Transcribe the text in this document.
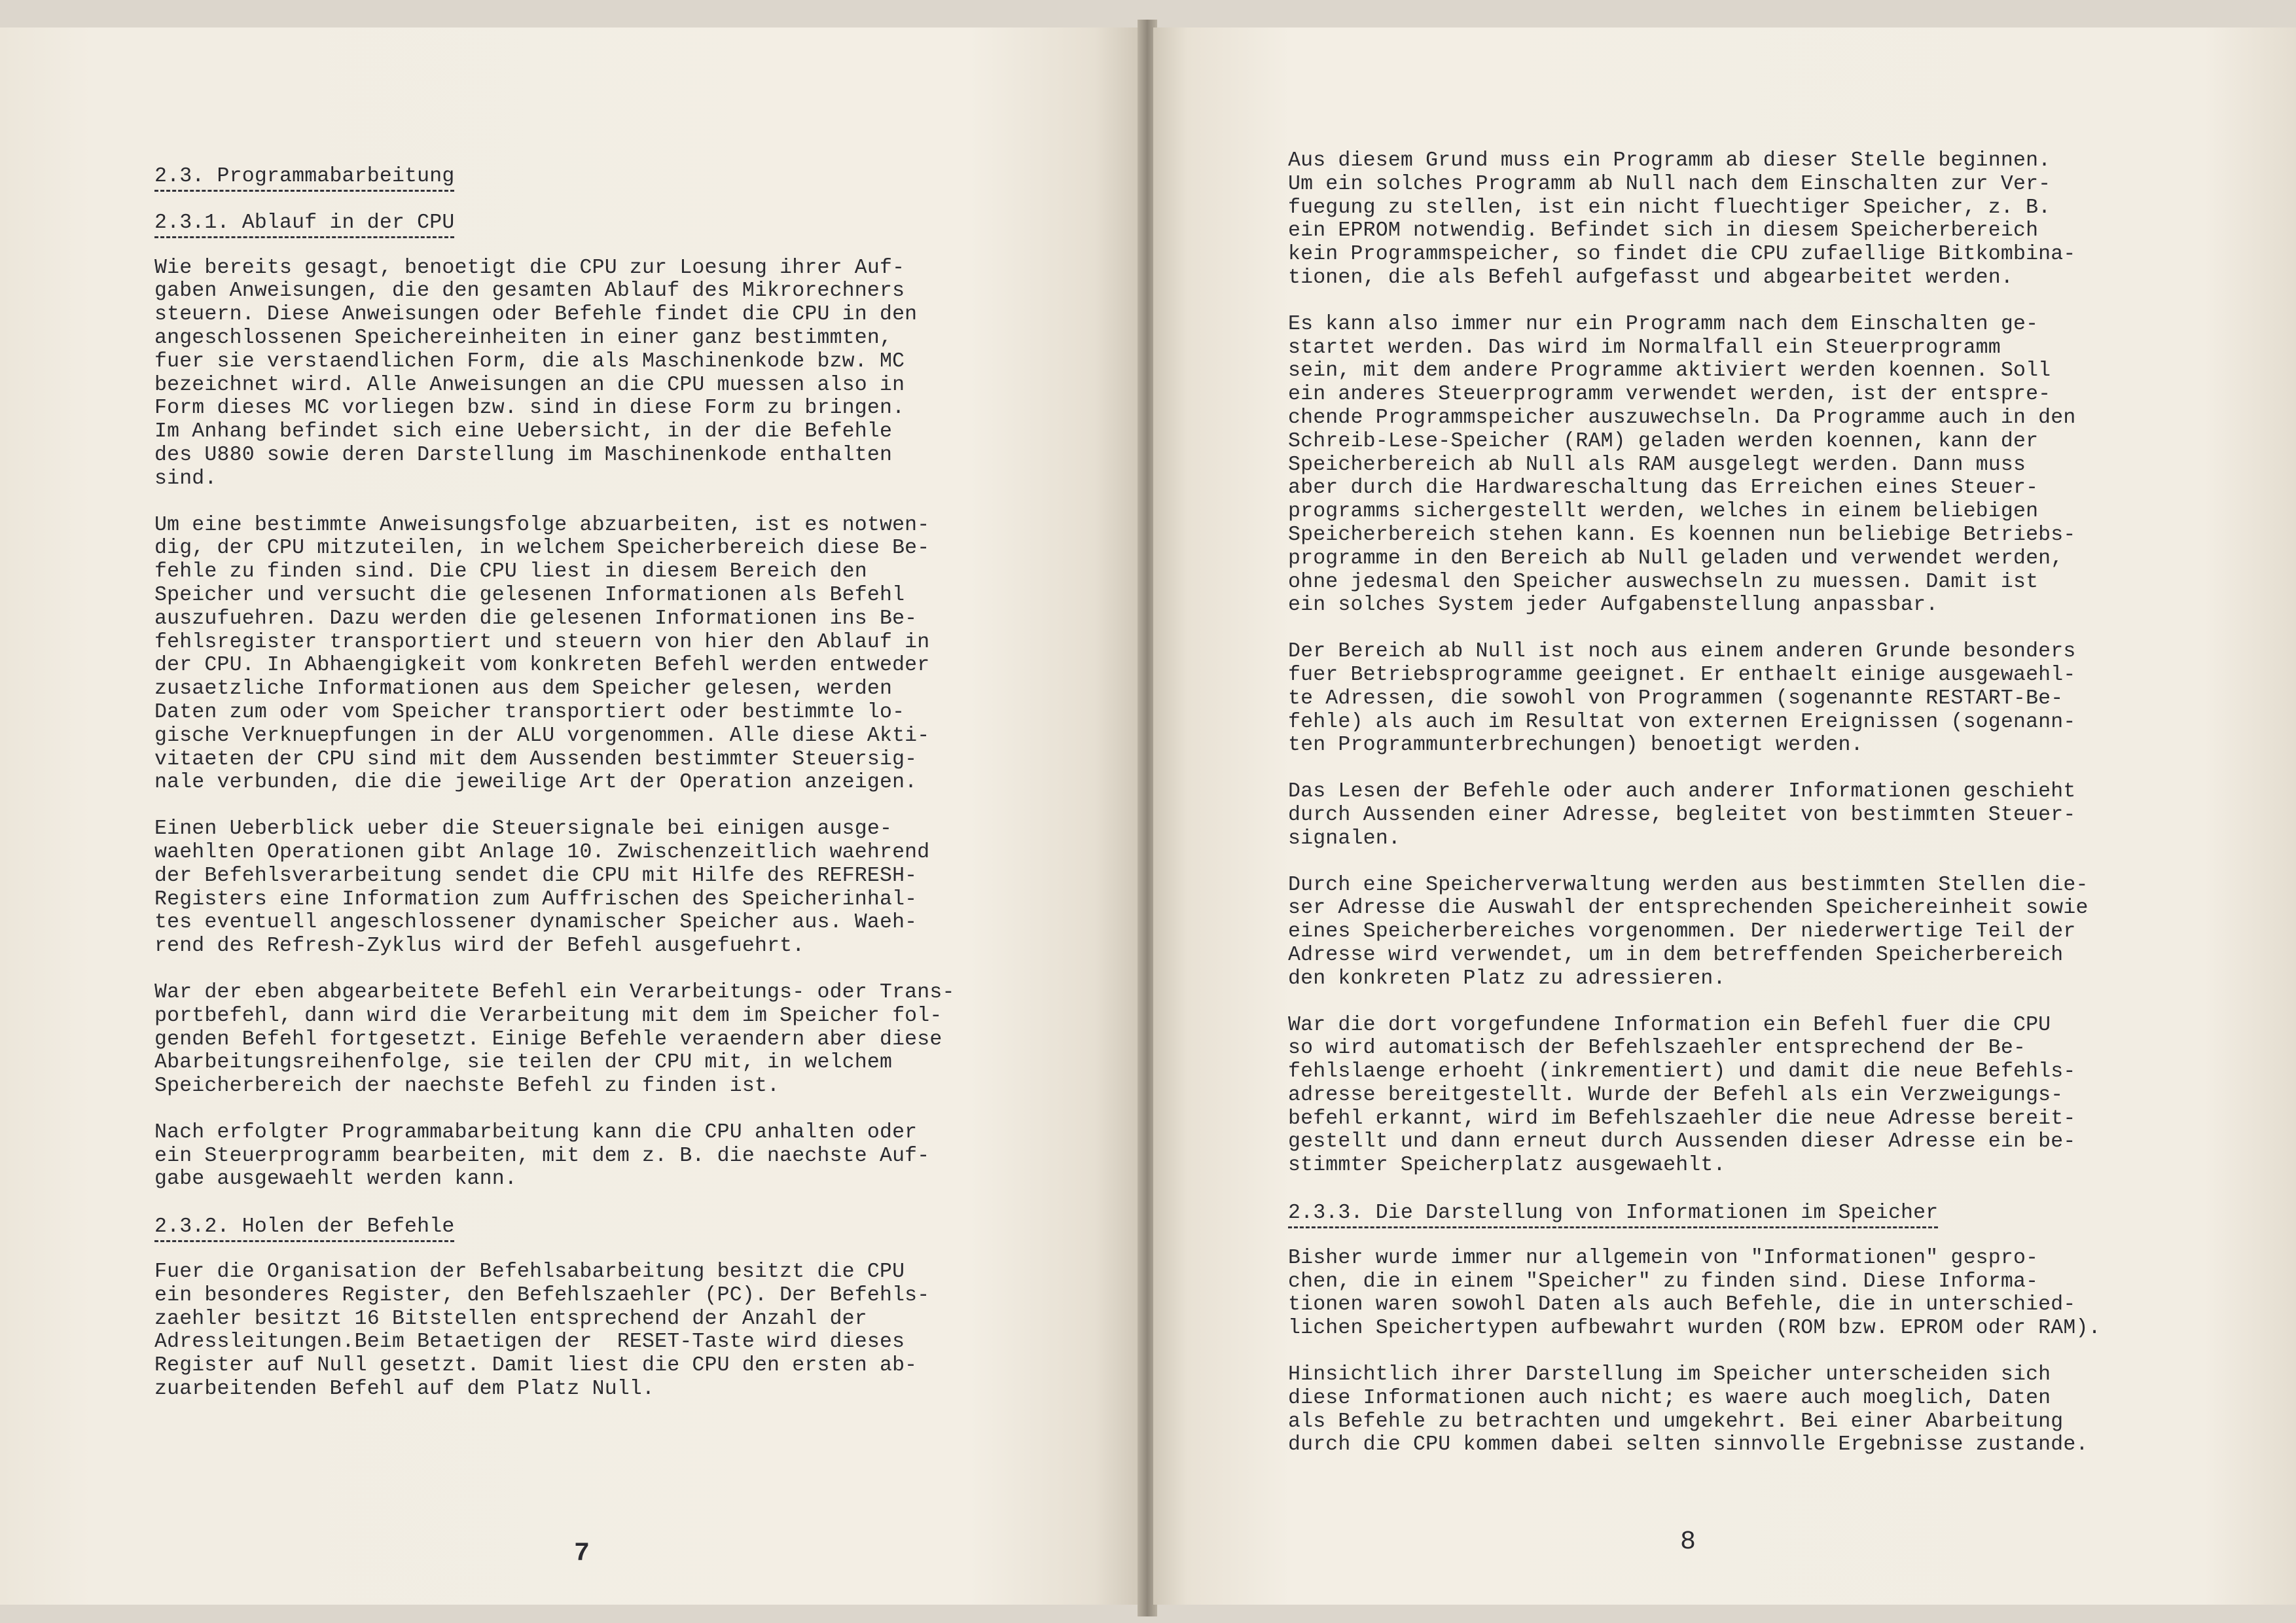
2.3. Programmabarbeitung
2.3.1. Ablauf in der CPU

Wie bereits gesagt, benoetigt die CPU zur Loesung ihrer Auf-
gaben Anweisungen, die den gesamten Ablauf des Mikrorechners
steuern. Diese Anweisungen oder Befehle findet die CPU in den
angeschlossenen Speichereinheiten in einer ganz bestimmten,
fuer sie verstaendlichen Form, die als Maschinenkode bzw. MC
bezeichnet wird. Alle Anweisungen an die CPU muessen also in
Form dieses MC vorliegen bzw. sind in diese Form zu bringen.
Im Anhang befindet sich eine Uebersicht, in der die Befehle
des U880 sowie deren Darstellung im Maschinenkode enthalten
sind.
Um eine bestimmte Anweisungsfolge abzuarbeiten, ist es notwen-
dig, der CPU mitzuteilen, in welchem Speicherbereich diese Be-
fehle zu finden sind. Die CPU liest in diesem Bereich den
Speicher und versucht die gelesenen Informationen als Befehl
auszufuehren. Dazu werden die gelesenen Informationen ins Be-
fehlsregister transportiert und steuern von hier den Ablauf in
der CPU. In Abhaengigkeit vom konkreten Befehl werden entweder
zusaetzliche Informationen aus dem Speicher gelesen, werden
Daten zum oder vom Speicher transportiert oder bestimmte lo-
gische Verknuepfungen in der ALU vorgenommen. Alle diese Akti-
vitaeten der CPU sind mit dem Aussenden bestimmter Steuersig-
nale verbunden, die die jeweilige Art der Operation anzeigen.
Einen Ueberblick ueber die Steuersignale bei einigen ausge-
waehlten Operationen gibt Anlage 10. Zwischenzeitlich waehrend
der Befehlsverarbeitung sendet die CPU mit Hilfe des REFRESH-
Registers eine Information zum Auffrischen des Speicherinhal-
tes eventuell angeschlossener dynamischer Speicher aus. Waeh-
rend des Refresh-Zyklus wird der Befehl ausgefuehrt.
War der eben abgearbeitete Befehl ein Verarbeitungs- oder Trans-
portbefehl, dann wird die Verarbeitung mit dem im Speicher fol-
genden Befehl fortgesetzt. Einige Befehle veraendern aber diese
Abarbeitungsreihenfolge, sie teilen der CPU mit, in welchem
Speicherbereich der naechste Befehl zu finden ist.
Nach erfolgter Programmabarbeitung kann die CPU anhalten oder
ein Steuerprogramm bearbeiten, mit dem z. B. die naechste Auf-
gabe ausgewaehlt werden kann.
2.3.2. Holen der Befehle

Fuer die Organisation der Befehlsabarbeitung besitzt die CPU
ein besonderes Register, den Befehlszaehler (PC). Der Befehls-
zaehler besitzt 16 Bitstellen entsprechend der Anzahl der
Adressleitungen.Beim Betaetigen der  RESET-Taste wird dieses
Register auf Null gesetzt. Damit liest die CPU den ersten ab-
zuarbeitenden Befehl auf dem Platz Null.
7
Aus diesem Grund muss ein Programm ab dieser Stelle beginnen.
Um ein solches Programm ab Null nach dem Einschalten zur Ver-
fuegung zu stellen, ist ein nicht fluechtiger Speicher, z. B.
ein EPROM notwendig. Befindet sich in diesem Speicherbereich
kein Programmspeicher, so findet die CPU zufaellige Bitkombina-
tionen, die als Befehl aufgefasst und abgearbeitet werden.
Es kann also immer nur ein Programm nach dem Einschalten ge-
startet werden. Das wird im Normalfall ein Steuerprogramm
sein, mit dem andere Programme aktiviert werden koennen. Soll
ein anderes Steuerprogramm verwendet werden, ist der entspre-
chende Programmspeicher auszuwechseln. Da Programme auch in den
Schreib-Lese-Speicher (RAM) geladen werden koennen, kann der
Speicherbereich ab Null als RAM ausgelegt werden. Dann muss
aber durch die Hardwareschaltung das Erreichen eines Steuer-
programms sichergestellt werden, welches in einem beliebigen
Speicherbereich stehen kann. Es koennen nun beliebige Betriebs-
programme in den Bereich ab Null geladen und verwendet werden,
ohne jedesmal den Speicher auswechseln zu muessen. Damit ist
ein solches System jeder Aufgabenstellung anpassbar.
Der Bereich ab Null ist noch aus einem anderen Grunde besonders
fuer Betriebsprogramme geeignet. Er enthaelt einige ausgewaehl-
te Adressen, die sowohl von Programmen (sogenannte RESTART-Be-
fehle) als auch im Resultat von externen Ereignissen (sogenann-
ten Programmunterbrechungen) benoetigt werden.
Das Lesen der Befehle oder auch anderer Informationen geschieht
durch Aussenden einer Adresse, begleitet von bestimmten Steuer-
signalen.
Durch eine Speicherverwaltung werden aus bestimmten Stellen die-
ser Adresse die Auswahl der entsprechenden Speichereinheit sowie
eines Speicherbereiches vorgenommen. Der niederwertige Teil der
Adresse wird verwendet, um in dem betreffenden Speicherbereich
den konkreten Platz zu adressieren.
War die dort vorgefundene Information ein Befehl fuer die CPU
so wird automatisch der Befehlszaehler entsprechend der Be-
fehlslaenge erhoeht (inkrementiert) und damit die neue Befehls-
adresse bereitgestellt. Wurde der Befehl als ein Verzweigungs-
befehl erkannt, wird im Befehlszaehler die neue Adresse bereit-
gestellt und dann erneut durch Aussenden dieser Adresse ein be-
stimmter Speicherplatz ausgewaehlt.
2.3.3. Die Darstellung von Informationen im Speicher

Bisher wurde immer nur allgemein von "Informationen" gespro-
chen, die in einem "Speicher" zu finden sind. Diese Informa-
tionen waren sowohl Daten als auch Befehle, die in unterschied-
lichen Speichertypen aufbewahrt wurden (ROM bzw. EPROM oder RAM).
Hinsichtlich ihrer Darstellung im Speicher unterscheiden sich
diese Informationen auch nicht; es waere auch moeglich, Daten
als Befehle zu betrachten und umgekehrt. Bei einer Abarbeitung
durch die CPU kommen dabei selten sinnvolle Ergebnisse zustande.
8
